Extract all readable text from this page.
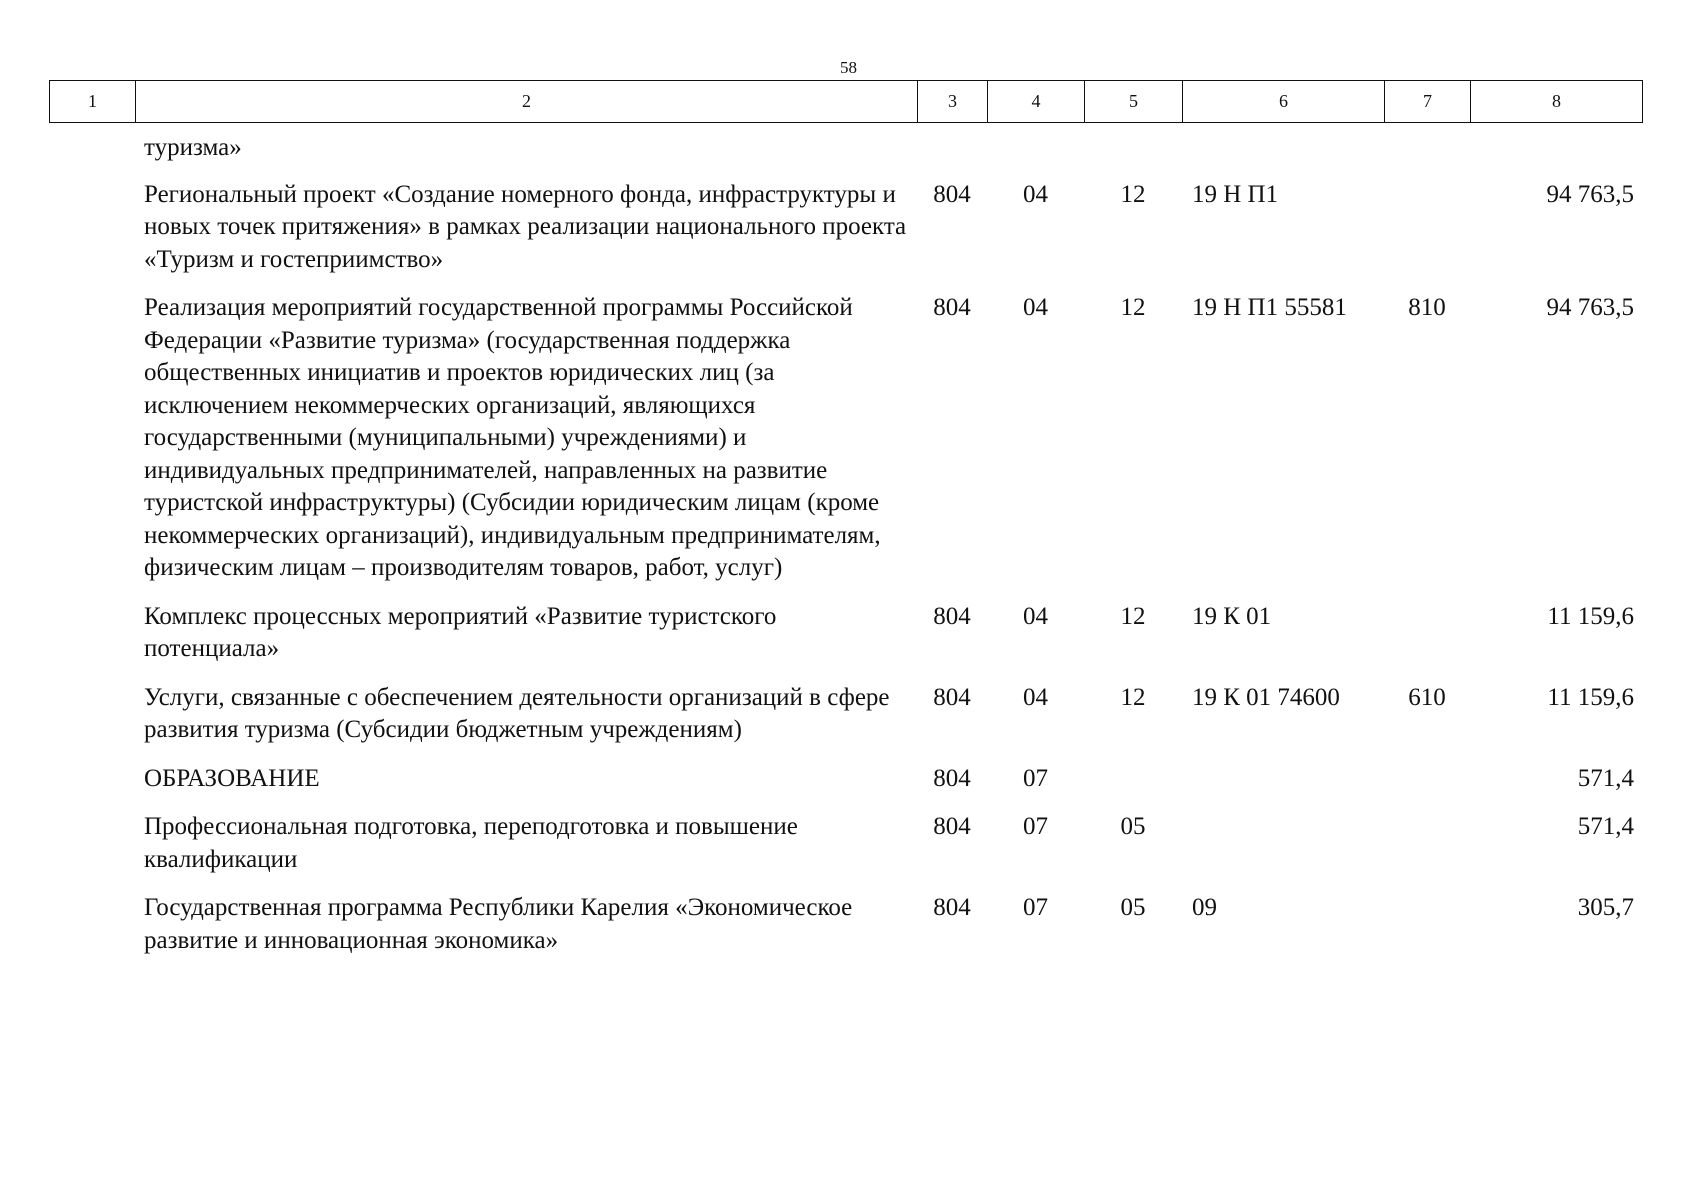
58
1	2	3	4	5	6	7	8
туризма»						
Региональный проект «Создание номерного фонда, инфраструктуры и новых точек притяжения» в рамках реализации национального проекта «Туризм и гостеприимство»	804	04	12	19 Н П1		94 763,5
Реализация мероприятий государственной программы Российской Федерации «Развитие туризма» (государственная поддержка общественных инициатив и проектов юридических лиц (за исключением некоммерческих организаций, являющихся государственными (муниципальными) учреждениями) и индивидуальных предпринимателей, направленных на развитие туристской инфраструктуры) (Субсидии юридическим лицам (кроме некоммерческих организаций), индивидуальным предпринимателям, физическим лицам – производителям товаров, работ, услуг)	804	04	12	19 Н П1 55581	810	94 763,5
Комплекс процессных мероприятий «Развитие туристского потенциала»	804	04	12	19 К 01		11 159,6
Услуги, связанные с обеспечением деятельности организаций в сфере развития туризма (Субсидии бюджетным учреждениям)	804	04	12	19 К 01 74600	610	11 159,6
ОБРАЗОВАНИЕ	804	07				571,4
Профессиональная подготовка, переподготовка и повышение квалификации	804	07	05			571,4
Государственная программа Республики Карелия «Экономическое развитие и инновационная экономика»	804	07	05	09		305,7
